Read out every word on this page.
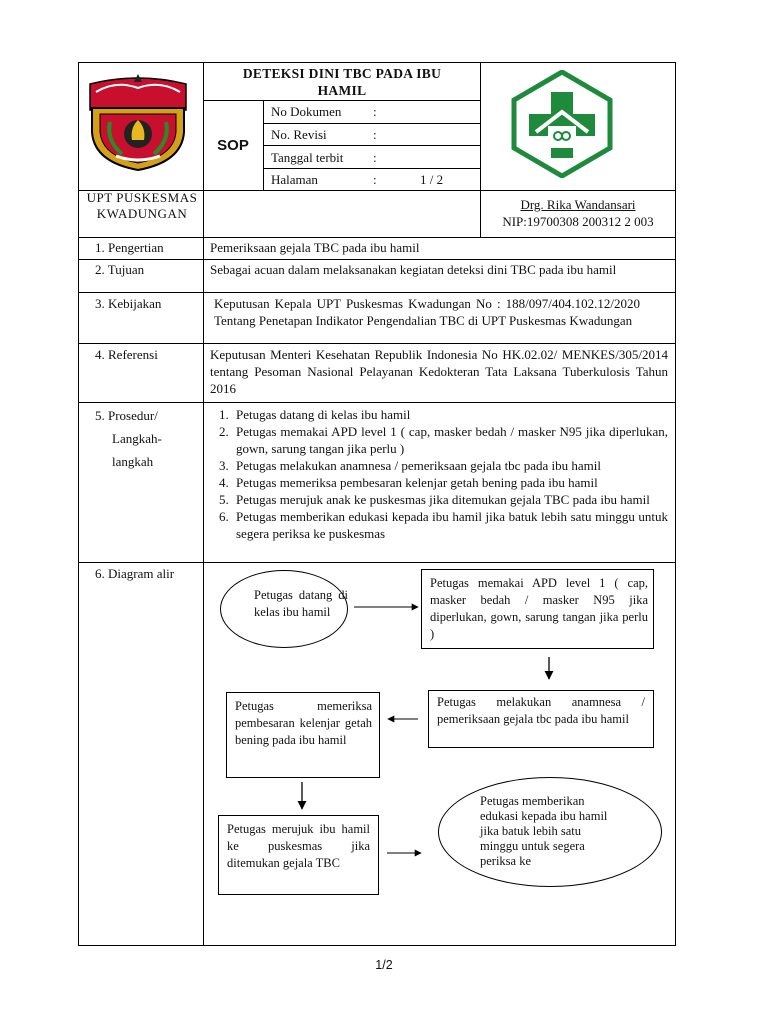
DETEKSI DINI TBC PADA IBU HAMIL
SOP
No Dokumen :
No. Revisi	:
Tanggal terbit :
Halaman	:	1 / 2
UPT PUSKESMAS KWADUNGAN
Drg. Rika Wandansari
NIP:19700308 200312 2 003
1. Pengertian	Pemeriksaan gejala TBC pada ibu hamil
2. Tujuan	Sebagai acuan dalam melaksanakan kegiatan deteksi dini TBC pada ibu hamil
3. Kebijakan	Keputusan Kepala UPT Puskesmas Kwadungan No : 188/097/404.102.12/2020 Tentang Penetapan Indikator Pengendalian TBC di UPT Puskesmas Kwadungan
4. Referensi	Keputusan Menteri Kesehatan Republik Indonesia No HK.02.02/ MENKES/305/2014 tentang Pesoman Nasional Pelayanan Kedokteran Tata Laksana Tuberkulosis Tahun 2016
5. Prosedur/
Langkah-
langkah
1. Petugas datang di kelas ibu hamil
2. Petugas memakai APD level 1 ( cap, masker bedah / masker N95 jika diperlukan, gown, sarung tangan jika perlu )
3. Petugas melakukan anamnesa / pemeriksaan gejala tbc pada ibu hamil
4. Petugas memeriksa pembesaran kelenjar getah bening pada ibu hamil
5. Petugas merujuk anak ke puskesmas jika ditemukan gejala TBC pada ibu hamil
6. Petugas memberikan edukasi kepada ibu hamil jika batuk lebih satu minggu untuk segera periksa ke puskesmas
6. Diagram alir
Petugas datang di kelas ibu hamil
Petugas memakai APD level 1 ( cap, masker bedah / masker N95 jika diperlukan, gown, sarung tangan jika perlu )
Petugas melakukan anamnesa / pemeriksaan gejala tbc pada ibu hamil
Petugas memeriksa pembesaran kelenjar getah bening pada ibu hamil
Petugas merujuk ibu hamil ke puskesmas jika ditemukan gejala TBC
Petugas memberikan edukasi kepada ibu hamil jika batuk lebih satu minggu untuk segera periksa ke
1/2
